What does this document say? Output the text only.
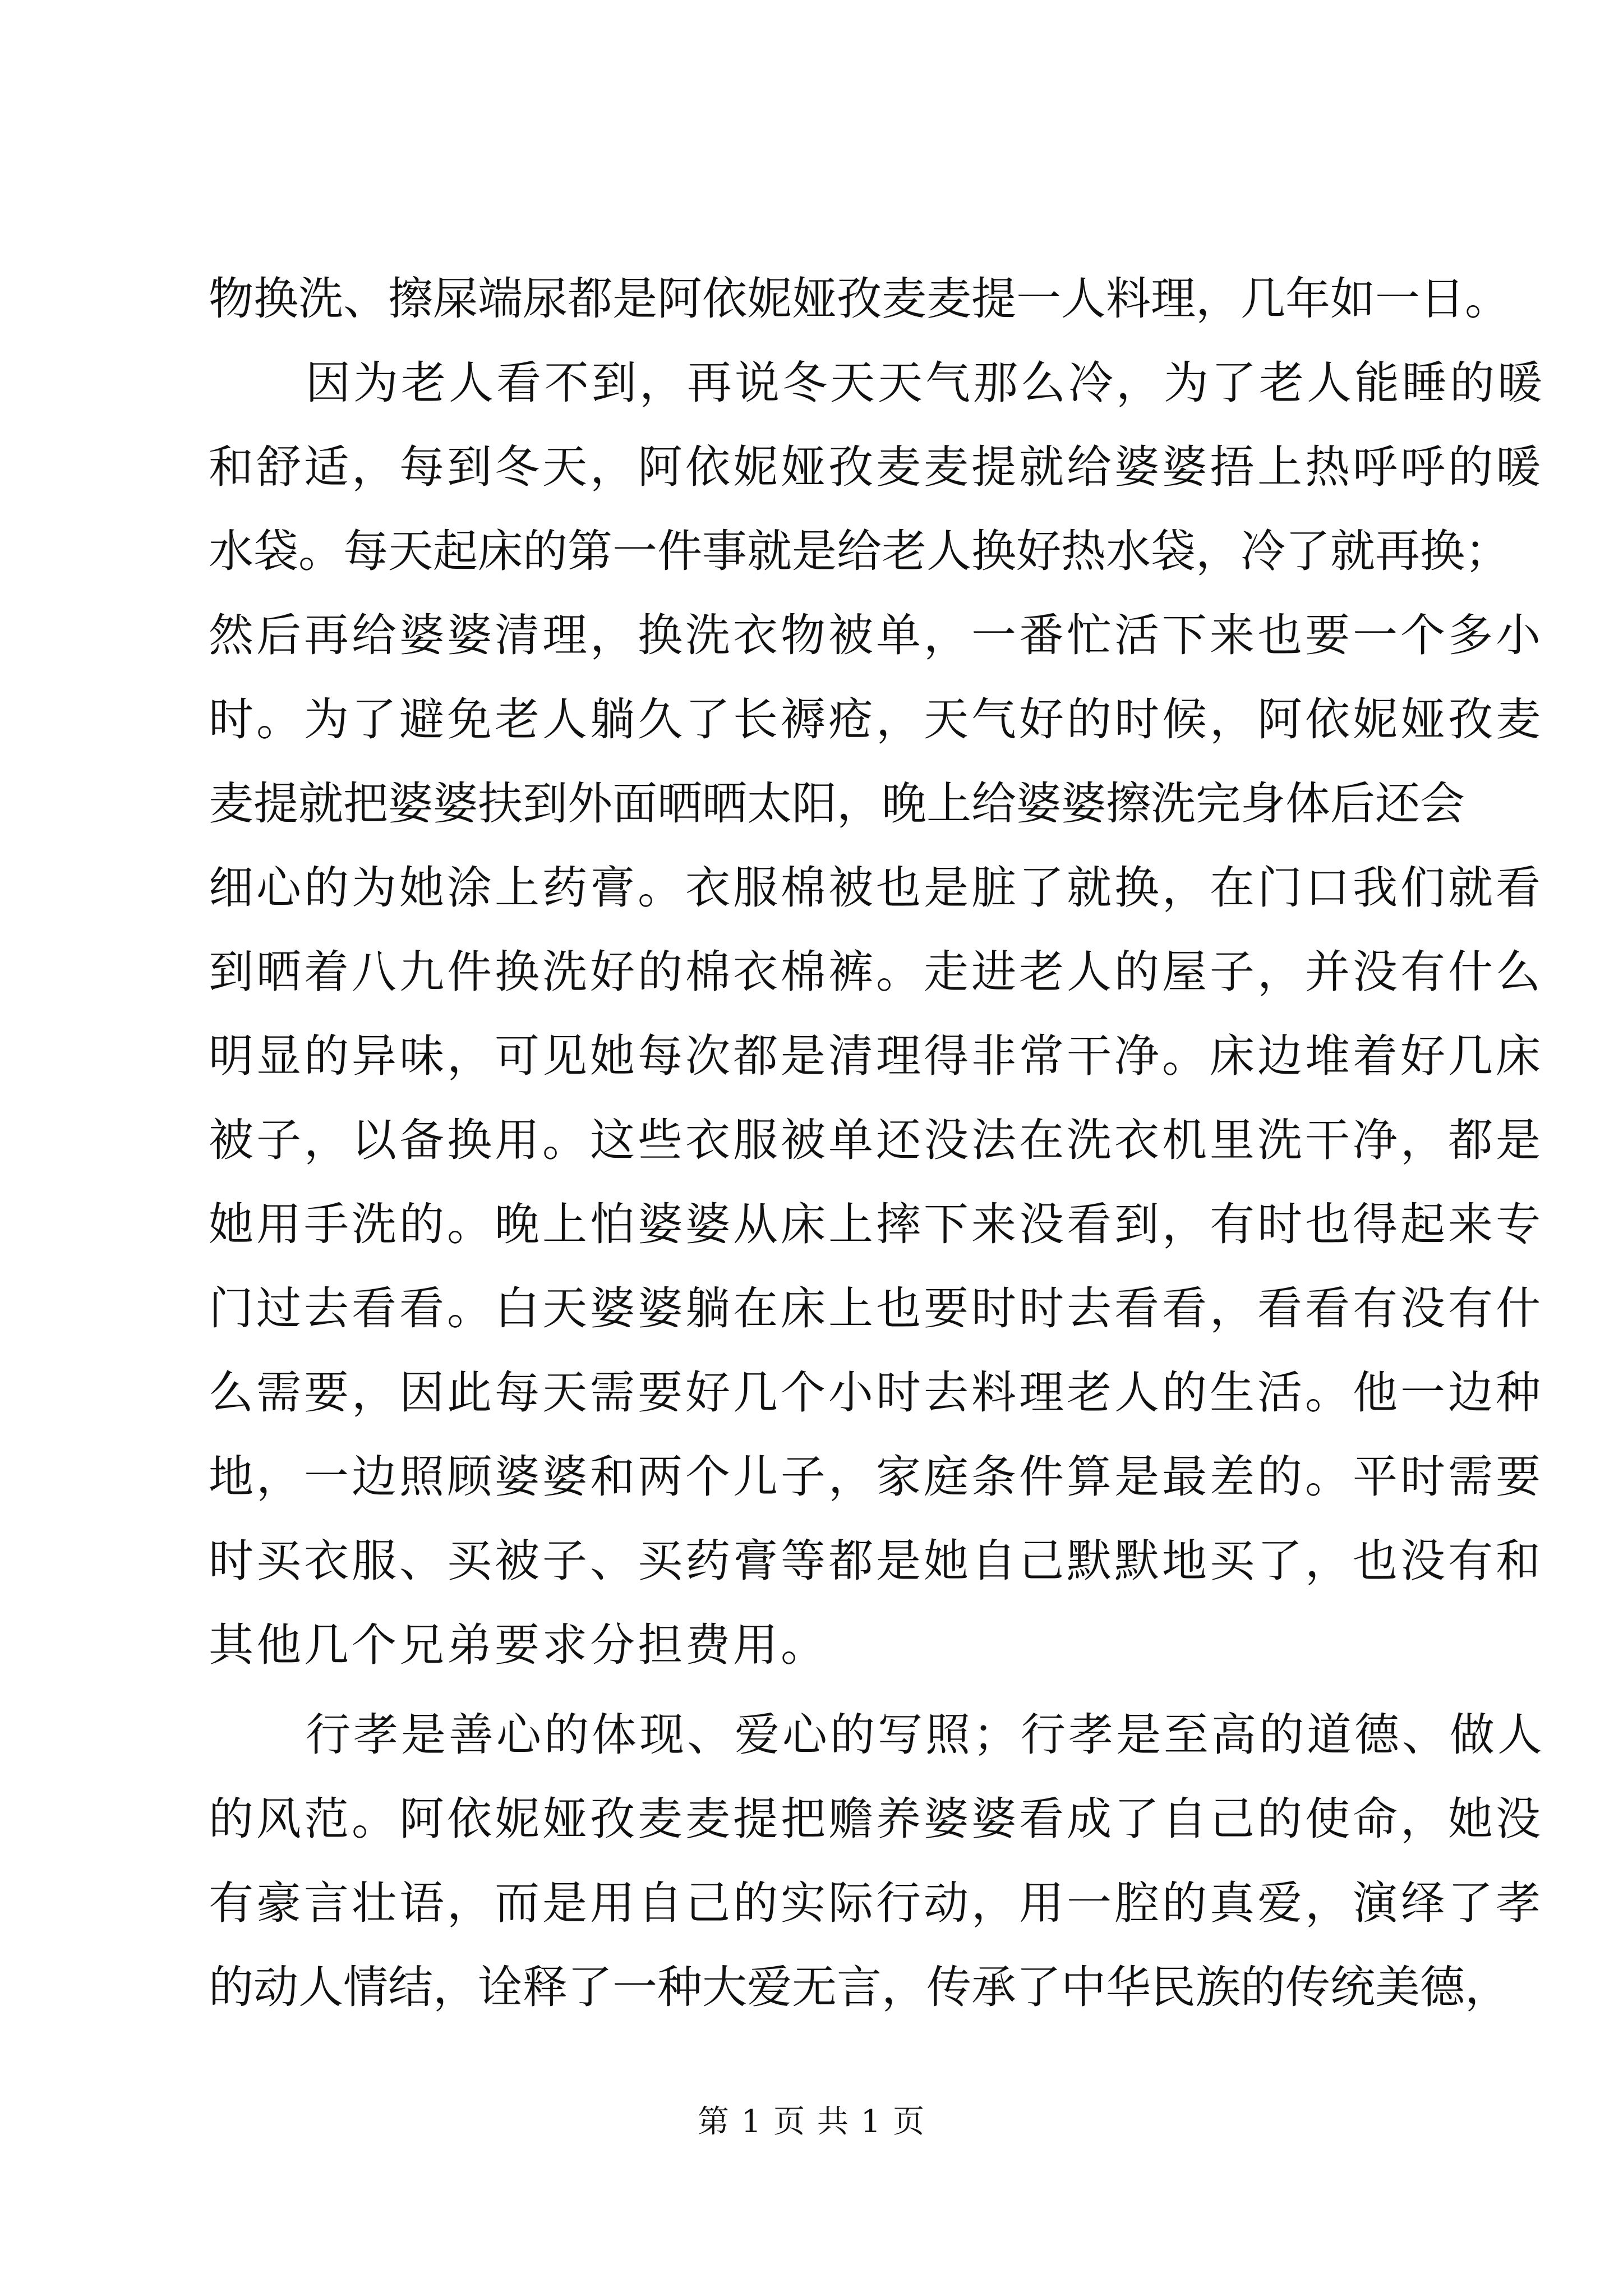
物换洗、擦屎端尿都是阿依妮娅孜麦麦提一人料理，几年如一日。
因为老人看不到，再说冬天天气那么冷，为了老人能睡的暖
和舒适，每到冬天，阿依妮娅孜麦麦提就给婆婆捂上热呼呼的暖
水袋。每天起床的第一件事就是给老人换好热水袋，冷了就再换；
然后再给婆婆清理，换洗衣物被单，一番忙活下来也要一个多小
时。为了避免老人躺久了长褥疮，天气好的时候，阿依妮娅孜麦
麦提就把婆婆扶到外面晒晒太阳，晚上给婆婆擦洗完身体后还会
细心的为她涂上药膏。衣服棉被也是脏了就换，在门口我们就看
到晒着八九件换洗好的棉衣棉裤。走进老人的屋子，并没有什么
明显的异味，可见她每次都是清理得非常干净。床边堆着好几床
被子，以备换用。这些衣服被单还没法在洗衣机里洗干净，都是
她用手洗的。晚上怕婆婆从床上摔下来没看到，有时也得起来专
门过去看看。白天婆婆躺在床上也要时时去看看，看看有没有什
么需要，因此每天需要好几个小时去料理老人的生活。他一边种
地，一边照顾婆婆和两个儿子，家庭条件算是最差的。平时需要
时买衣服、买被子、买药膏等都是她自己默默地买了，也没有和
其他几个兄弟要求分担费用。
行孝是善心的体现、爱心的写照；行孝是至高的道德、做人
的风范。阿依妮娅孜麦麦提把赡养婆婆看成了自己的使命，她没
有豪言壮语，而是用自己的实际行动，用一腔的真爱，演绎了孝
的动人情结，诠释了一种大爱无言，传承了中华民族的传统美德，
第 1 页 共 1 页
